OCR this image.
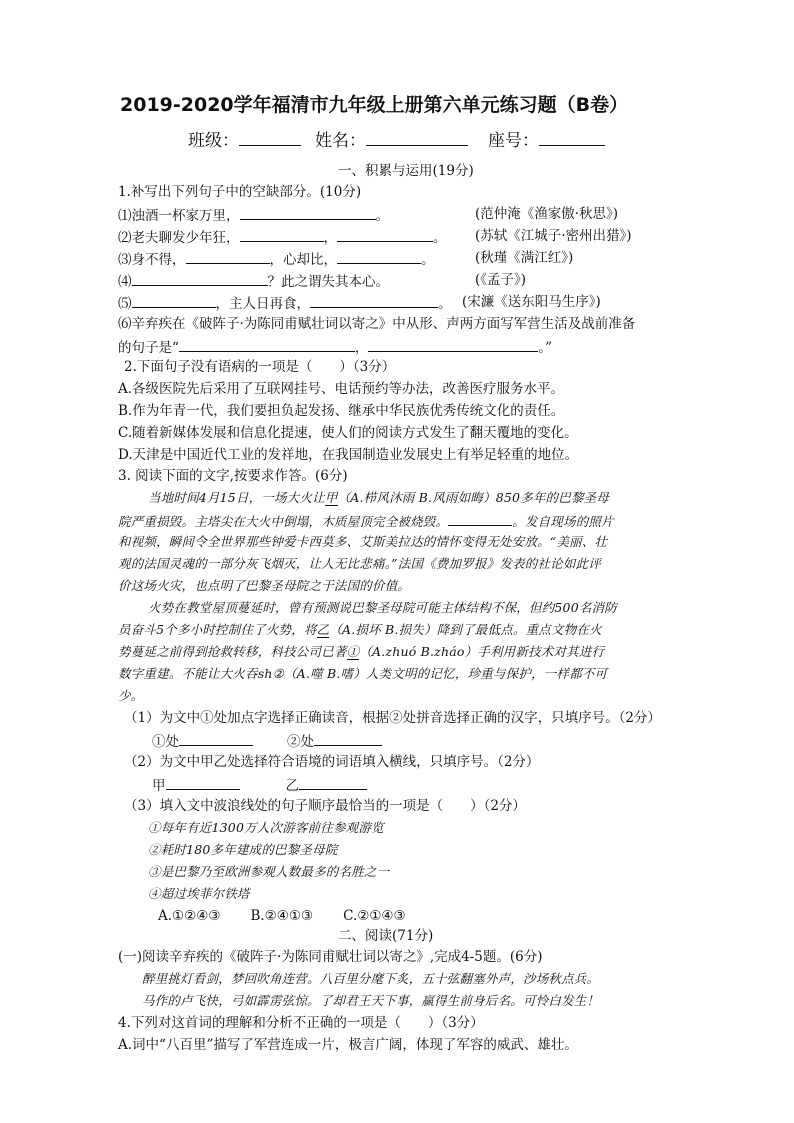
2019-2020学年福清市九年级上册第六单元练习题（B卷）
班级：	姓名：	座号：
一、积累与运用(19分)
1.补写出下列句子中的空缺部分。(10分)
⑴浊酒一杯家万里，	。	(范仲淹《渔家傲·秋思》)
⑵老夫聊发少年狂，	，	。 (苏轼《江城子·密州出猎》)
⑶身不得，	，心却比，	。	(秋瑾《满江红》)
⑷	？此之谓失其本心。	(《孟子》)
⑸	，主人日再食，	。 (宋濂《送东阳马生序》)
⑹辛弃疾在《破阵子·为陈同甫赋壮词以寄之》中从形、声两方面写军营生活及战前准备
的句子是“	，	。”
2.下面句子没有语病的一项是（　　）（3分）
A.各级医院先后采用了互联网挂号、电话预约等办法，改善医疗服务水平。
B.作为年青一代，我们要担负起发扬、继承中华民族优秀传统文化的责任。
C.随着新媒体发展和信息化提速，使人们的阅读方式发生了翻天覆地的变化。
D.天津是中国近代工业的发祥地，在我国制造业发展史上有举足轻重的地位。
3. 阅读下面的文字,按要求作答。(6分)
当地时间4月15日，一场大火让甲（A.栉风沐雨 B.风雨如晦）850多年的巴黎圣母
院严重损毁。主塔尖在大火中倒塌，木质屋顶完全被烧毁。	。发自现场的照片
和视频，瞬间令全世界那些钟爱卡西莫多、艾斯美拉达的情怀变得无处安放。“美丽、壮
观的法国灵魂的一部分灰飞烟灭，让人无比悲痛。”法国《费加罗报》发表的社论如此评
价这场火灾，也点明了巴黎圣母院之于法国的价值。
火势在教堂屋顶蔓延时，曾有预测说巴黎圣母院可能主体结构不保，但约500名消防
员奋斗5个多小时控制住了火势，将乙（A.损坏 B.损失）降到了最低点。重点文物在火
势蔓延之前得到抢救转移，科技公司已著①（A.zhuó B.zháo）手利用新技术对其进行
数字重建。不能让大火吞sh②（A.噬 B.嗜）人类文明的记忆，珍重与保护，一样都不可
少。
（1）为文中①处加点字选择正确读音，根据②处拼音选择正确的汉字，只填序号。（2分）
①处	②处
（2）为文中甲乙处选择符合语境的词语填入横线，只填序号。（2分）
甲	乙
（3）填入文中波浪线处的句子顺序最恰当的一项是（　　）（2分）
①每年有近1300万人次游客前往参观游览
②耗时180多年建成的巴黎圣母院
③是巴黎乃至欧洲参观人数最多的名胜之一
④超过埃菲尔铁塔
A.①②④③ B.②④①③ C.②①④③
二、阅读(71分)
(一)阅读辛弃疾的《破阵子·为陈同甫赋壮词以寄之》,完成4-5题。(6分)
醉里挑灯看剑，梦回吹角连营。八百里分麾下炙，五十弦翻塞外声，沙场秋点兵。
马作的卢飞快，弓如霹雳弦惊。了却君王天下事，赢得生前身后名。可怜白发生！
4.下列对这首词的理解和分析不正确的一项是（　　）（3分）
A.词中“八百里”描写了军营连成一片，极言广阔，体现了军容的威武、雄壮。
